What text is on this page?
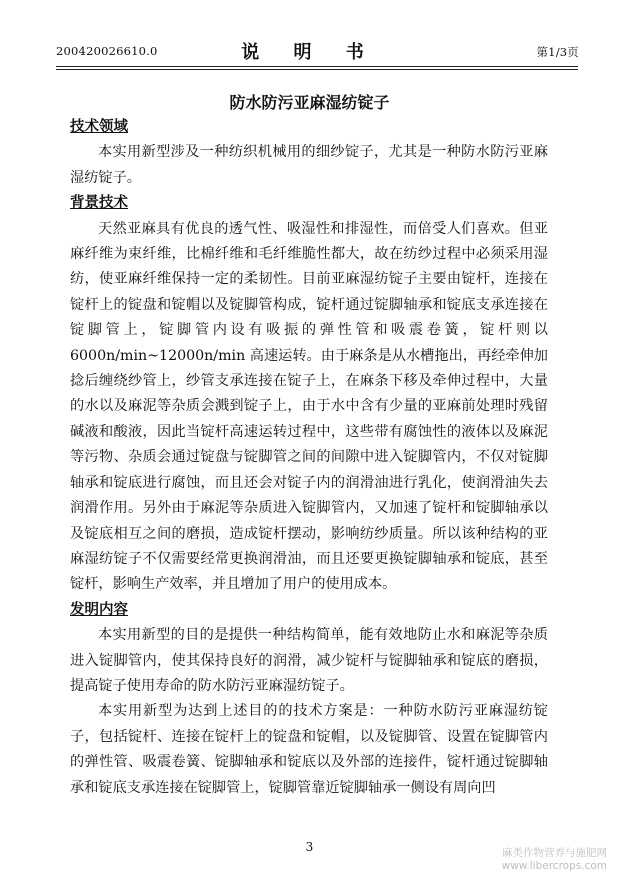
200420026610.0	说 明 书	第1/3页
防水防污亚麻湿纺锭子

技术领域

本实用新型涉及一种纺织机械用的细纱锭子，尤其是一种防水防污亚麻湿纺锭子。

背景技术

天然亚麻具有优良的透气性、吸湿性和排湿性，而倍受人们喜欢。但亚麻纤维为束纤维，比棉纤维和毛纤维脆性都大，故在纺纱过程中必须采用湿纺，使亚麻纤维保持一定的柔韧性。目前亚麻湿纺锭子主要由锭杆，连接在锭杆上的锭盘和锭帽以及锭脚管构成，锭杆通过锭脚轴承和锭底支承连接在锭脚管上，锭脚管内设有吸振的弹性管和吸震卷簧，锭杆则以6000n/min~12000n/min 高速运转。由于麻条是从水槽拖出，再经牵伸加捻后缠绕纱管上，纱管支承连接在锭子上，在麻条下移及牵伸过程中，大量的水以及麻泥等杂质会溅到锭子上，由于水中含有少量的亚麻前处理时残留碱液和酸液，因此当锭杆高速运转过程中，这些带有腐蚀性的液体以及麻泥等污物、杂质会通过锭盘与锭脚管之间的间隙中进入锭脚管内，不仅对锭脚轴承和锭底进行腐蚀，而且还会对锭子内的润滑油进行乳化，使润滑油失去润滑作用。另外由于麻泥等杂质进入锭脚管内，又加速了锭杆和锭脚轴承以及锭底相互之间的磨损，造成锭杆摆动，影响纺纱质量。所以该种结构的亚麻湿纺锭子不仅需要经常更换润滑油，而且还要更换锭脚轴承和锭底，甚至锭杆，影响生产效率，并且增加了用户的使用成本。

发明内容

本实用新型的目的是提供一种结构简单，能有效地防止水和麻泥等杂质进入锭脚管内，使其保持良好的润滑，减少锭杆与锭脚轴承和锭底的磨损，提高锭子使用寿命的防水防污亚麻湿纺锭子。

本实用新型为达到上述目的的技术方案是：一种防水防污亚麻湿纺锭子，包括锭杆、连接在锭杆上的锭盘和锭帽，以及锭脚管、设置在锭脚管内的弹性管、吸震卷簧、锭脚轴承和锭底以及外部的连接件，锭杆通过锭脚轴承和锭底支承连接在锭脚管上，锭脚管靠近锭脚轴承一侧设有周向凹

3	麻类作物营养与施肥网
www.libercrops.com
